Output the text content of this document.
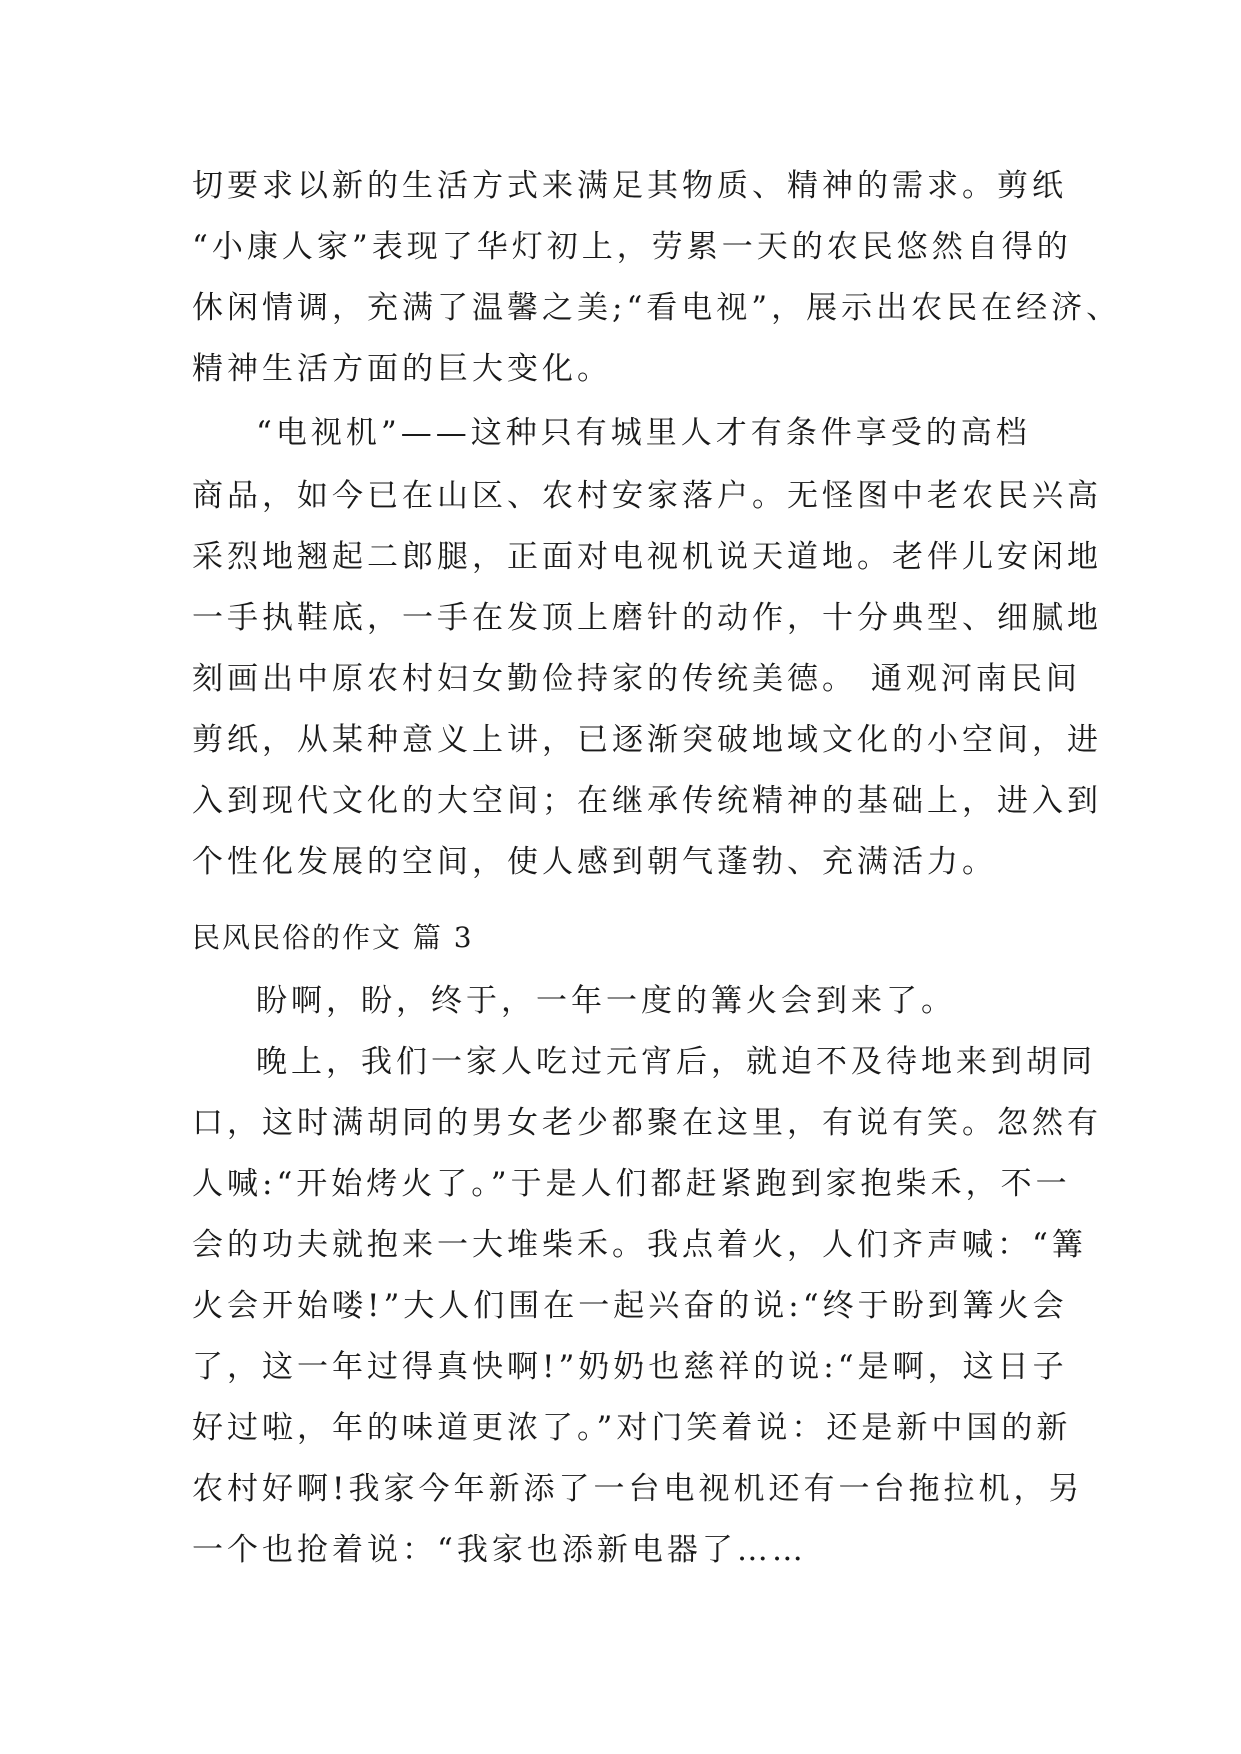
切要求以新的生活方式来满足其物质、精神的需求。剪纸
“小康人家”表现了华灯初上，劳累一天的农民悠然自得的
休闲情调，充满了温馨之美;“看电视”，展示出农民在经济、
精神生活方面的巨大变化。
“电视机”——这种只有城里人才有条件享受的高档
商品，如今已在山区、农村安家落户。无怪图中老农民兴高
采烈地翘起二郎腿，正面对电视机说天道地。老伴儿安闲地
一手执鞋底，一手在发顶上磨针的动作，十分典型、细腻地
刻画出中原农村妇女勤俭持家的传统美德。 通观河南民间
剪纸，从某种意义上讲，已逐渐突破地域文化的小空间，进
入到现代文化的大空间；在继承传统精神的基础上，进入到
个性化发展的空间，使人感到朝气蓬勃、充满活力。
民风民俗的作文 篇 3
盼啊，盼，终于，一年一度的篝火会到来了。
晚上，我们一家人吃过元宵后，就迫不及待地来到胡同
口，这时满胡同的男女老少都聚在这里，有说有笑。忽然有
人喊:“开始烤火了。”于是人们都赶紧跑到家抱柴禾，不一
会的功夫就抱来一大堆柴禾。我点着火，人们齐声喊：“篝
火会开始喽!”大人们围在一起兴奋的说:“终于盼到篝火会
了，这一年过得真快啊!”奶奶也慈祥的说:“是啊，这日子
好过啦，年的味道更浓了。”对门笑着说：还是新中国的新
农村好啊!我家今年新添了一台电视机还有一台拖拉机，另
一个也抢着说：“我家也添新电器了……
